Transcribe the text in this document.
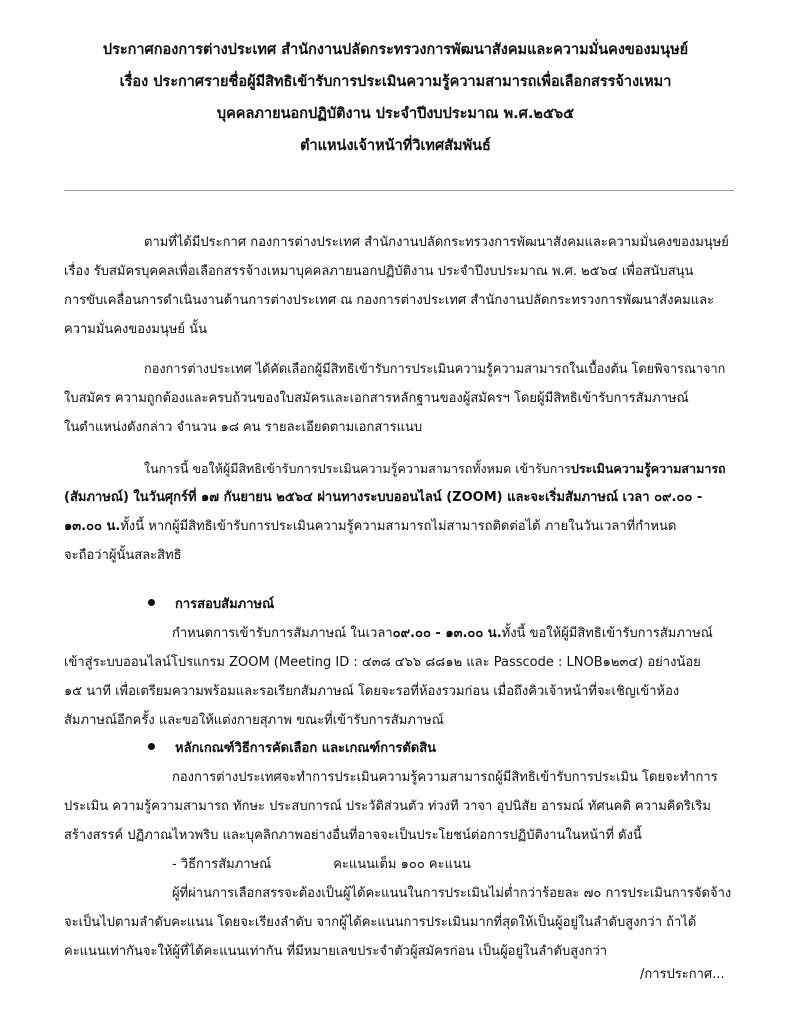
ประกาศกองการต่างประเทศ สำนักงานปลัดกระทรวงการพัฒนาสังคมและความมั่นคงของมนุษย์
เรื่อง ประกาศรายชื่อผู้มีสิทธิเข้ารับการประเมินความรู้ความสามารถเพื่อเลือกสรรจ้างเหมา
บุคคลภายนอกปฏิบัติงาน ประจำปีงบประมาณ พ.ศ.๒๕๖๕
ตำแหน่งเจ้าหน้าที่วิเทศสัมพันธ์
ตามที่ได้มีประกาศ กองการต่างประเทศ สำนักงานปลัดกระทรวงการพัฒนาสังคมและความมั่นคงของมนุษย์
เรื่อง รับสมัครบุคคลเพื่อเลือกสรรจ้างเหมาบุคคลภายนอกปฏิบัติงาน ประจำปีงบประมาณ พ.ศ. ๒๕๖๔ เพื่อสนับสนุน
การขับเคลื่อนการดำเนินงานด้านการต่างประเทศ ณ กองการต่างประเทศ สำนักงานปลัดกระทรวงการพัฒนาสังคมและ
ความมั่นคงของมนุษย์ นั้น
กองการต่างประเทศ ได้คัดเลือกผู้มีสิทธิเข้ารับการประเมินความรู้ความสามารถในเบื้องต้น โดยพิจารณาจาก
ใบสมัคร ความถูกต้องและครบถ้วนของใบสมัครและเอกสารหลักฐานของผู้สมัครฯ โดยผู้มีสิทธิเข้ารับการสัมภาษณ์
ในตำแหน่งดังกล่าว จำนวน ๑๘ คน รายละเอียดตามเอกสารแนบ
ในการนี้ ขอให้ผู้มีสิทธิเข้ารับการประเมินความรู้ความสามารถทั้งหมด เข้ารับการ ประเมินความรู้ความสามารถ
(สัมภาษณ์) ในวันศุกร์ที่ ๑๗ กันยายน ๒๕๖๔ ผ่านทางระบบออนไลน์ (ZOOM) และจะเริ่มสัมภาษณ์ เวลา ๐๙.๐๐ -
๑๓.๐๐ น. ทั้งนี้ หากผู้มีสิทธิเข้ารับการประเมินความรู้ความสามารถไม่สามารถติดต่อได้ ภายในวันเวลาที่กำหนด
จะถือว่าผู้นั้นสละสิทธิ
การสอบสัมภาษณ์
กำหนดการเข้ารับการสัมภาษณ์ ในเวลา ๐๙.๐๐ - ๑๓.๐๐ น. ทั้งนี้ ขอให้ผู้มีสิทธิเข้ารับการสัมภาษณ์
เข้าสู่ระบบออนไลน์โปรแกรม ZOOM (Meeting ID : ๔๓๘ ๔๖๖ ๘๘๑๒ และ Passcode : LNOB๑๒๓๔) อย่างน้อย
๑๕ นาที เพื่อเตรียมความพร้อมและรอเรียกสัมภาษณ์ โดยจะรอที่ห้องรวมก่อน เมื่อถึงคิวเจ้าหน้าที่จะเชิญเข้าห้อง
สัมภาษณ์อีกครั้ง และขอให้แต่งกายสุภาพ ขณะที่เข้ารับการสัมภาษณ์
หลักเกณฑ์วิธีการคัดเลือก และเกณฑ์การตัดสิน
กองการต่างประเทศจะทำการประเมินความรู้ความสามารถผู้มีสิทธิเข้ารับการประเมิน โดยจะทำการ
ประเมิน ความรู้ความสามารถ ทักษะ ประสบการณ์ ประวัติส่วนตัว ท่วงที วาจา อุปนิสัย อารมณ์ ทัศนคติ ความคิดริเริม
สร้างสรรค์ ปฏิภาณไหวพริบ และบุคลิกภาพอย่างอื่นที่อาจจะเป็นประโยชน์ต่อการปฏิบัติงานในหน้าที่ ดังนี้
- วิธีการสัมภาษณ์	คะแนนเต็ม ๑๐๐ คะแนน
ผู้ที่ผ่านการเลือกสรรจะต้องเป็นผู้ได้คะแนนในการประเมินไม่ต่ำกว่าร้อยละ ๗๐ การประเมินการจัดจ้าง
จะเป็นไปตามลำดับคะแนน โดยจะเรียงลำดับ จากผู้ได้คะแนนการประเมินมากที่สุดให้เป็นผู้อยู่ในลำดับสูงกว่า ถ้าได้
คะแนนเท่ากันจะให้ผู้ที่ได้คะแนนเท่ากัน ที่มีหมายเลขประจำตัวผู้สมัครก่อน เป็นผู้อยู่ในลำดับสูงกว่า
/การประกาศ...
